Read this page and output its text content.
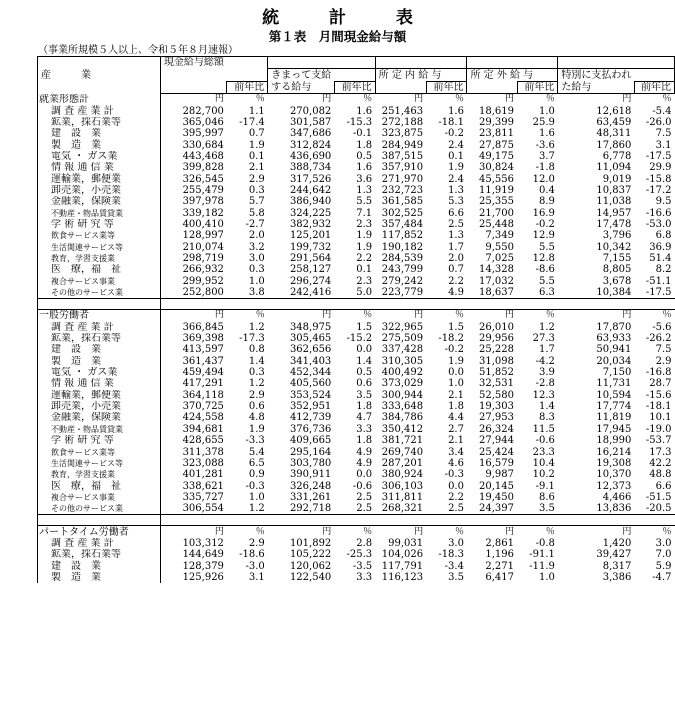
統 計 表
第１表　月間現金給与額
（事業所規模５人以上、令和５年８月速報）
産　　　業		現金給与総額									
				きまって支給		所 定 内 給 与		所 定 外 給 与		特別に支払われ	
			前年比	する給与	前年比		前年比		前年比	た給与	前年比
就業形態計		円	％	円	％	円	％	円	％	円	％
調 査 産 業 計		282,700	1.1	270,082	1.6	251,463	1.6	18,619	1.0	12,618	-5.4
鉱業，採石業等		365,046	-17.4	301,587	-15.3	272,188	-18.1	29,399	25.9	63,459	-26.0
建　設　業		395,997	0.7	347,686	-0.1	323,875	-0.2	23,811	1.6	48,311	7.5
製　造　業		330,684	1.9	312,824	1.8	284,949	2.4	27,875	-3.6	17,860	3.1
電気 ・ ガス業		443,468	0.1	436,690	0.5	387,515	0.1	49,175	3.7	6,778	-17.5
情 報 通 信 業		399,828	2.1	388,734	1.6	357,910	1.9	30,824	-1.8	11,094	29.9
運輸業，郵便業		326,545	2.9	317,526	3.6	271,970	2.4	45,556	12.0	9,019	-15.8
卸売業，小売業		255,479	0.3	244,642	1.3	232,723	1.3	11,919	0.4	10,837	-17.2
金融業，保険業		397,978	5.7	386,940	5.5	361,585	5.3	25,355	8.9	11,038	9.5
不動産・物品賃貸業		339,182	5.8	324,225	7.1	302,525	6.6	21,700	16.9	14,957	-16.6
学 術 研 究 等		400,410	-2.7	382,932	2.3	357,484	2.5	25,448	-0.2	17,478	-53.0
飲食サービス業等		128,997	2.0	125,201	1.9	117,852	1.3	7,349	12.9	3,796	6.8
生活関連サービス等		210,074	3.2	199,732	1.9	190,182	1.7	9,550	5.5	10,342	36.9
教育，学習支援業		298,719	3.0	291,564	2.2	284,539	2.0	7,025	12.8	7,155	51.4
医　療，福　祉		266,932	0.3	258,127	0.1	243,799	0.7	14,328	-8.6	8,805	8.2
複合サービス事業		299,952	1.0	296,274	2.3	279,242	2.2	17,032	5.5	3,678	-51.1
その他のサービス業		252,800	3.8	242,416	5.0	223,779	4.9	18,637	6.3	10,384	-17.5

一般労働者		円	％	円	％	円	％	円	％	円	％
調 査 産 業 計		366,845	1.2	348,975	1.5	322,965	1.5	26,010	1.2	17,870	-5.6
鉱業，採石業等		369,398	-17.3	305,465	-15.2	275,509	-18.2	29,956	27.3	63,933	-26.2
建　設　業		413,597	0.8	362,656	0.0	337,428	-0.2	25,228	1.7	50,941	7.5
製　造　業		361,437	1.4	341,403	1.4	310,305	1.9	31,098	-4.2	20,034	2.9
電気 ・ ガス業		459,494	0.3	452,344	0.5	400,492	0.0	51,852	3.9	7,150	-16.8
情 報 通 信 業		417,291	1.2	405,560	0.6	373,029	1.0	32,531	-2.8	11,731	28.7
運輸業，郵便業		364,118	2.9	353,524	3.5	300,944	2.1	52,580	12.3	10,594	-15.6
卸売業，小売業		370,725	0.6	352,951	1.8	333,648	1.8	19,303	1.4	17,774	-18.1
金融業，保険業		424,558	4.8	412,739	4.7	384,786	4.4	27,953	8.3	11,819	10.1
不動産・物品賃貸業		394,681	1.9	376,736	3.3	350,412	2.7	26,324	11.5	17,945	-19.0
学 術 研 究 等		428,655	-3.3	409,665	1.8	381,721	2.1	27,944	-0.6	18,990	-53.7
飲食サービス業等		311,378	5.4	295,164	4.9	269,740	3.4	25,424	23.3	16,214	17.3
生活関連サービス等		323,088	6.5	303,780	4.9	287,201	4.6	16,579	10.4	19,308	42.2
教育，学習支援業		401,281	0.9	390,911	0.0	380,924	-0.3	9,987	10.2	10,370	48.8
医　療，福　祉		338,621	-0.3	326,248	-0.6	306,103	0.0	20,145	-9.1	12,373	6.6
複合サービス事業		335,727	1.0	331,261	2.5	311,811	2.2	19,450	8.6	4,466	-51.5
その他のサービス業		306,554	1.2	292,718	2.5	268,321	2.5	24,397	3.5	13,836	-20.5

パートタイム労働者		円	％	円	％	円	％	円	％	円	％
調 査 産 業 計		103,312	2.9	101,892	2.8	99,031	3.0	2,861	-0.8	1,420	3.0
鉱業，採石業等		144,649	-18.6	105,222	-25.3	104,026	-18.3	1,196	-91.1	39,427	7.0
建　設　業		128,379	-3.0	120,062	-3.5	117,791	-3.4	2,271	-11.9	8,317	5.9
製　造　業		125,926	3.1	122,540	3.3	116,123	3.5	6,417	1.0	3,386	-4.7
